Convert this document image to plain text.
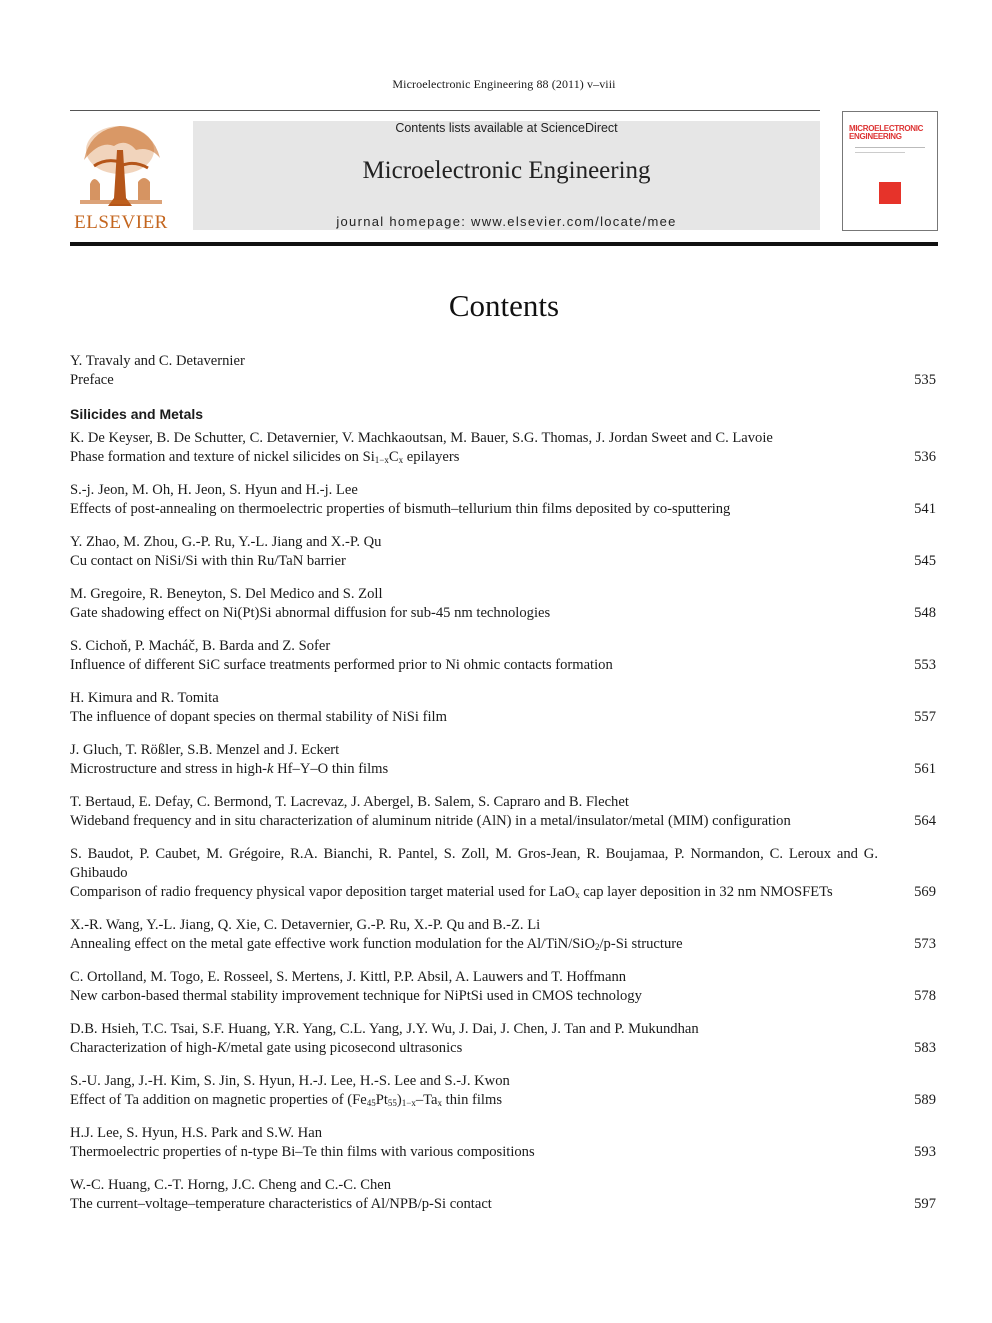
Microelectronic Engineering 88 (2011) v–viii
ELSEVIER
Contents lists available at ScienceDirect
Microelectronic Engineering
journal homepage: www.elsevier.com/locate/mee
MICROELECTRONIC ENGINEERING
Contents
Y. Travaly and C. Detavernier
Preface	535
Silicides and Metals
K. De Keyser, B. De Schutter, C. Detavernier, V. Machkaoutsan, M. Bauer, S.G. Thomas, J. Jordan Sweet and C. Lavoie
Phase formation and texture of nickel silicides on $Si_{1-x}C_x$ epilayers	536
S.-j. Jeon, M. Oh, H. Jeon, S. Hyun and H.-j. Lee
Effects of post-annealing on thermoelectric properties of bismuth–tellurium thin films deposited by co-sputtering	541
Y. Zhao, M. Zhou, G.-P. Ru, Y.-L. Jiang and X.-P. Qu
Cu contact on NiSi/Si with thin Ru/TaN barrier	545
M. Gregoire, R. Beneyton, S. Del Medico and S. Zoll
Gate shadowing effect on Ni(Pt)Si abnormal diffusion for sub-45 nm technologies	548
S. Cichoň, P. Macháč, B. Barda and Z. Sofer
Influence of different SiC surface treatments performed prior to Ni ohmic contacts formation	553
H. Kimura and R. Tomita
The influence of dopant species on thermal stability of NiSi film	557
J. Gluch, T. Rößler, S.B. Menzel and J. Eckert
Microstructure and stress in high-k Hf–Y–O thin films	561
T. Bertaud, E. Defay, C. Bermond, T. Lacrevaz, J. Abergel, B. Salem, S. Capraro and B. Flechet
Wideband frequency and in situ characterization of aluminum nitride (AlN) in a metal/insulator/metal (MIM) configuration	564
S. Baudot, P. Caubet, M. Grégoire, R.A. Bianchi, R. Pantel, S. Zoll, M. Gros-Jean, R. Boujamaa, P. Normandon, C. Leroux and G. Ghibaudo
Comparison of radio frequency physical vapor deposition target material used for LaO$_x$ cap layer deposition in 32 nm NMOSFETs	569
X.-R. Wang, Y.-L. Jiang, Q. Xie, C. Detavernier, G.-P. Ru, X.-P. Qu and B.-Z. Li
Annealing effect on the metal gate effective work function modulation for the Al/TiN/SiO$_2$/p-Si structure	573
C. Ortolland, M. Togo, E. Rosseel, S. Mertens, J. Kittl, P.P. Absil, A. Lauwers and T. Hoffmann
New carbon-based thermal stability improvement technique for NiPtSi used in CMOS technology	578
D.B. Hsieh, T.C. Tsai, S.F. Huang, Y.R. Yang, C.L. Yang, J.Y. Wu, J. Dai, J. Chen, J. Tan and P. Mukundhan
Characterization of high-K/metal gate using picosecond ultrasonics	583
S.-U. Jang, J.-H. Kim, S. Jin, S. Hyun, H.-J. Lee, H.-S. Lee and S.-J. Kwon
Effect of Ta addition on magnetic properties of $(Fe_{45}Pt_{55})_{1-x}-Ta_x$ thin films	589
H.J. Lee, S. Hyun, H.S. Park and S.W. Han
Thermoelectric properties of n-type Bi–Te thin films with various compositions	593
W.-C. Huang, C.-T. Horng, J.C. Cheng and C.-C. Chen
The current–voltage–temperature characteristics of Al/NPB/p-Si contact	597
